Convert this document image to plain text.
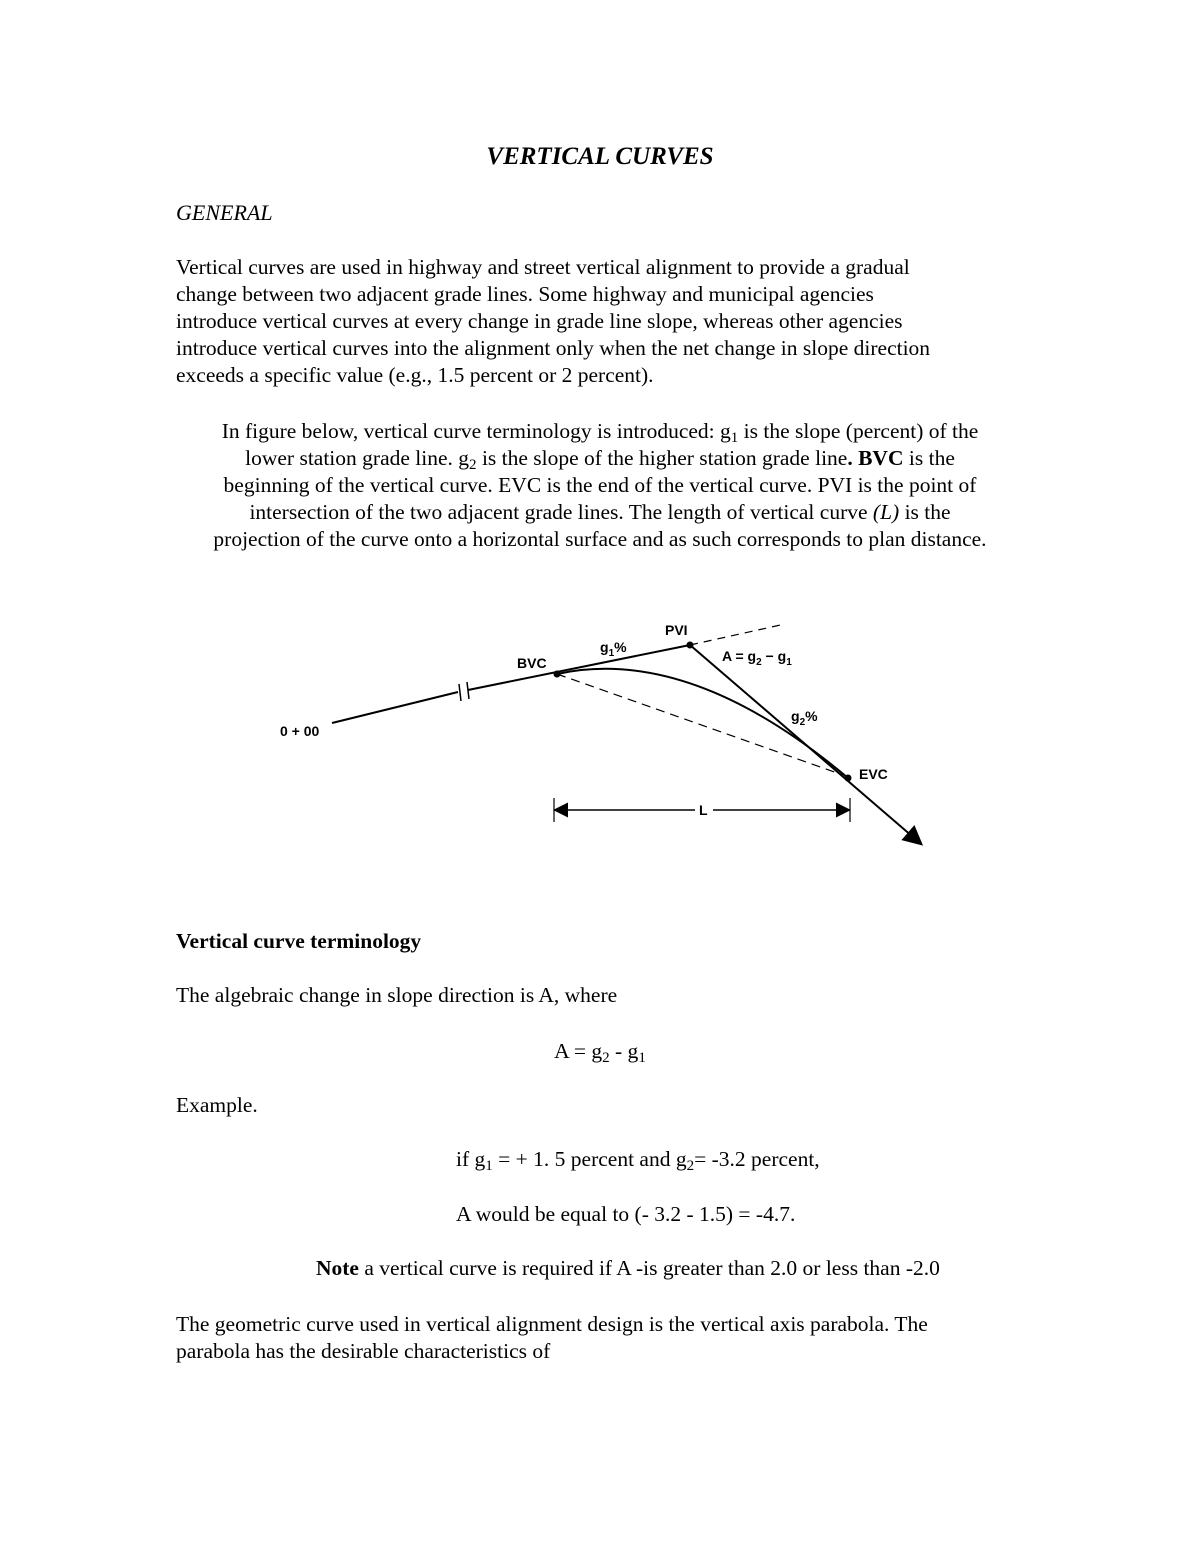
VERTICAL CURVES
GENERAL

Vertical curves are used in highway and street vertical alignment to provide a gradual

change between two adjacent grade lines. Some highway and municipal agencies

introduce vertical curves at every change in grade line slope, whereas other agencies

introduce vertical curves into the alignment only when the net change in slope direction

exceeds a specific value (e.g., 1.5 percent or 2 percent).

In figure below, vertical curve terminology is introduced: $g_1$ is the slope (percent) of the

lower station grade line. $g_2$ is the slope of the higher station grade line. BVC is the

beginning of the vertical curve. EVC is the end of the vertical curve. PVI is the point of

intersection of the two adjacent grade lines. The length of vertical curve (L) is the

projection of the curve onto a horizontal surface and as such corresponds to plan distance.

0 + 00
BVC
PVI
EVC
$g_1\%$
$g_2\%$
$A = g_2 - g_1$
L
Vertical curve terminology
The algebraic change in slope direction is A, where
$A = g_2 - g_1$
Example.
if $g_1$ = + 1. 5 percent and $g_2= -3.2$ percent,
A would be equal to (- 3.2 - 1.5) = -4.7.
Note a vertical curve is required if A -is greater than 2.0 or less than -2.0

The geometric curve used in vertical alignment design is the vertical axis parabola. The

parabola has the desirable characteristics of
